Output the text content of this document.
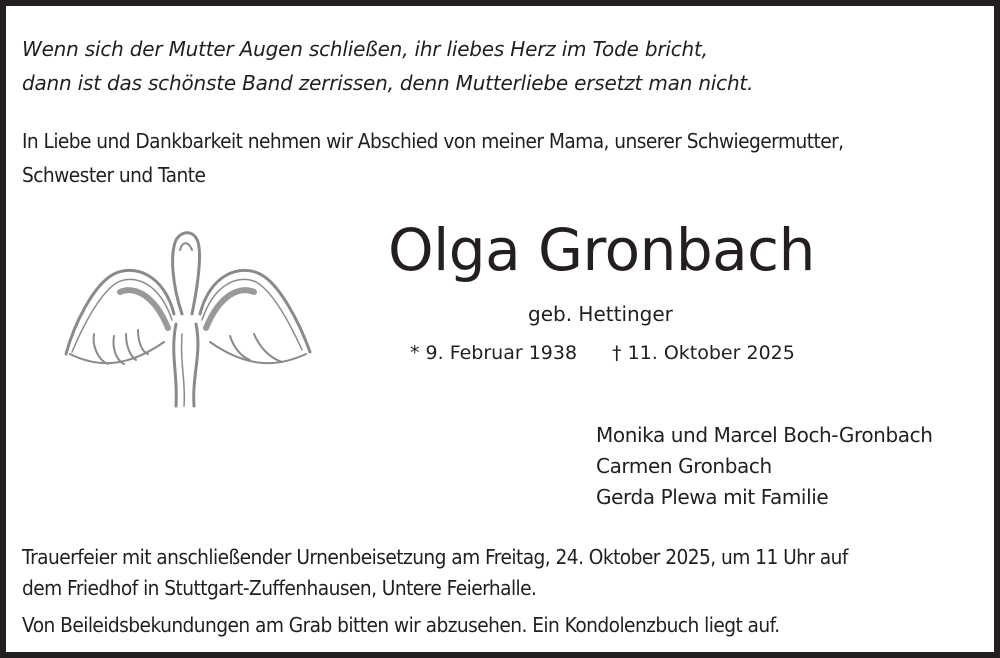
Wenn sich der Mutter Augen schließen, ihr liebes Herz im Tode bricht,
dann ist das schönste Band zerrissen, denn Mutterliebe ersetzt man nicht.
In Liebe und Dankbarkeit nehmen wir Abschied von meiner Mama, unserer Schwiegermutter,
Schwester und Tante
Olga Gronbach
geb. Hettinger
* 9. Februar 1938 † 11. Oktober 2025
Monika und Marcel Boch-Gronbach
Carmen Gronbach
Gerda Plewa mit Familie
Trauerfeier mit anschließender Urnenbeisetzung am Freitag, 24. Oktober 2025, um 11 Uhr auf
dem Friedhof in Stuttgart-Zuffenhausen, Untere Feierhalle.
Von Beileidsbekundungen am Grab bitten wir abzusehen. Ein Kondolenzbuch liegt auf.
